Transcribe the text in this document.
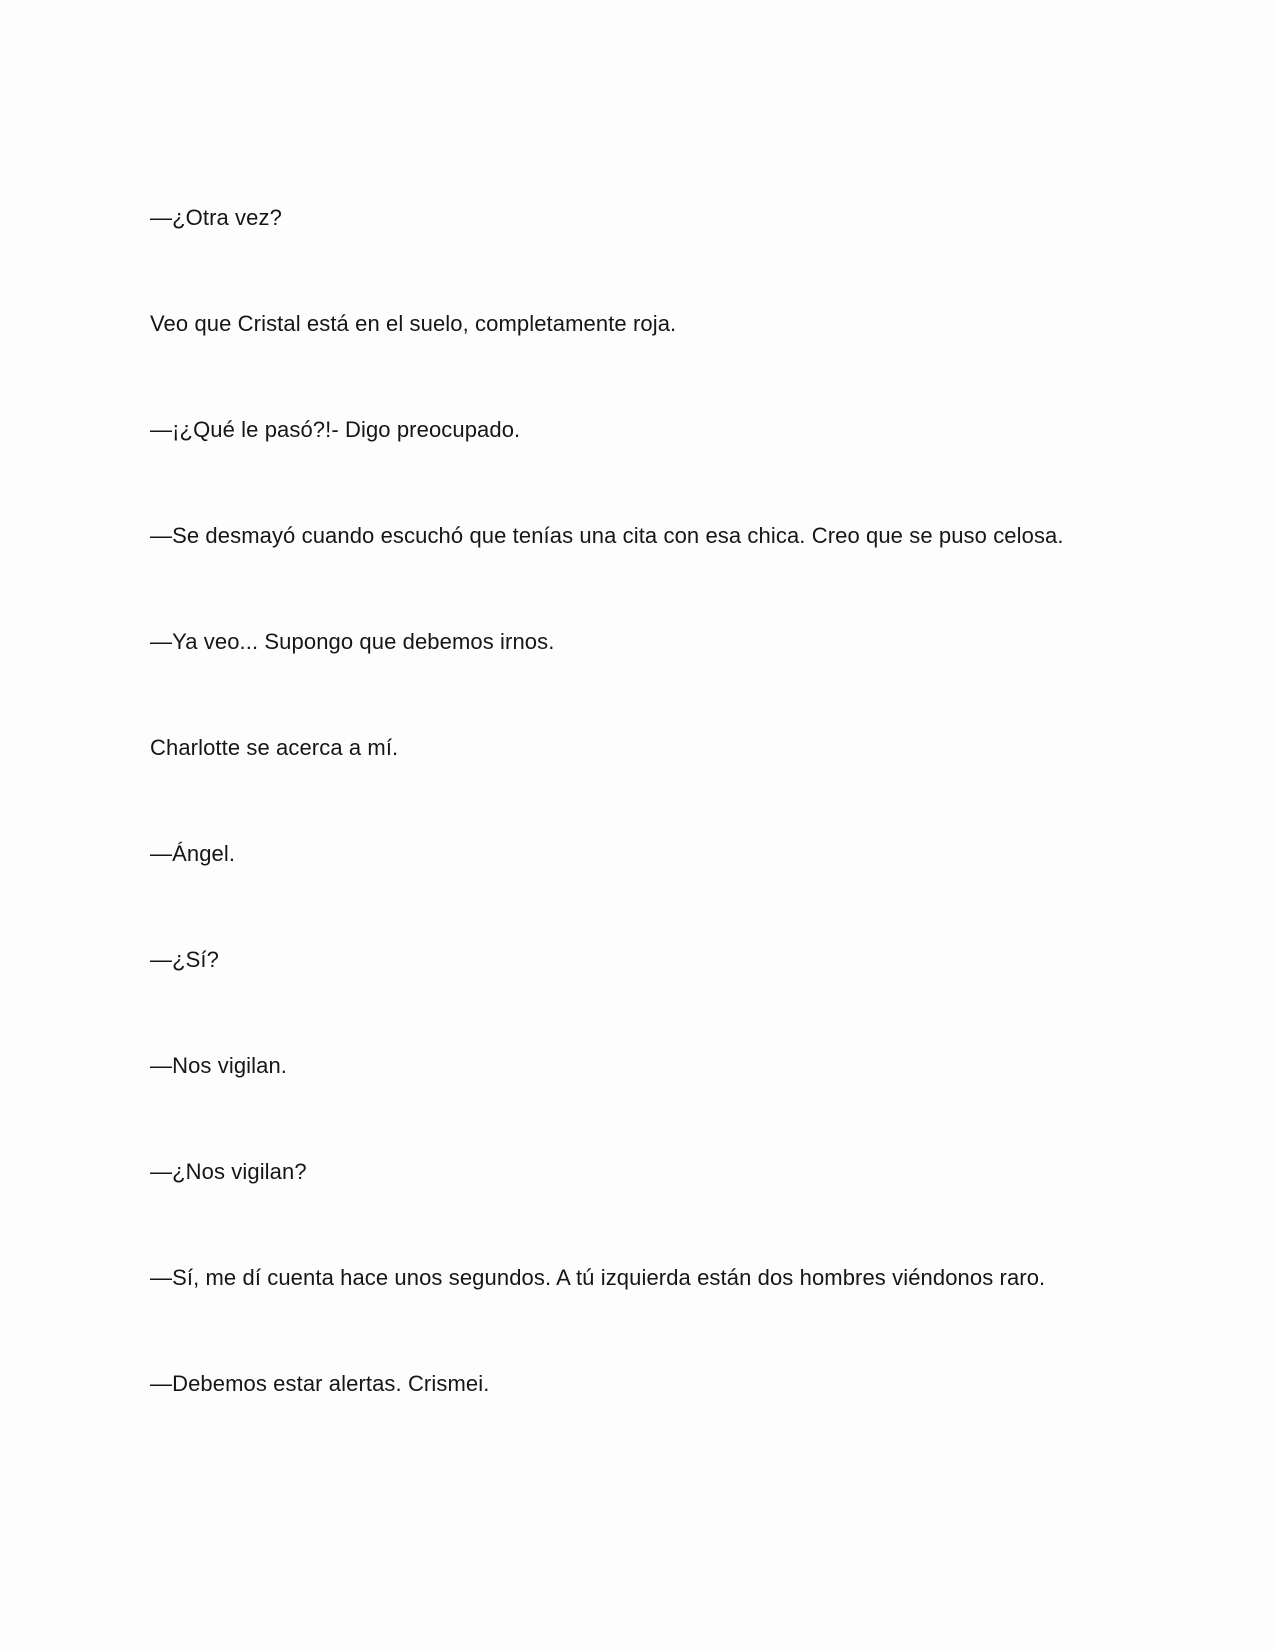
—¿Otra vez?

Veo que Cristal está en el suelo, completamente roja.

—¡¿Qué le pasó?!- Digo preocupado.

—Se desmayó cuando escuchó que tenías una cita con esa chica. Creo que se puso celosa.

—Ya veo... Supongo que debemos irnos.

Charlotte se acerca a mí.

—Ángel.

—¿Sí?

—Nos vigilan.

—¿Nos vigilan?

—Sí, me dí cuenta hace unos segundos. A tú izquierda están dos hombres viéndonos raro.

—Debemos estar alertas. Crismei.
